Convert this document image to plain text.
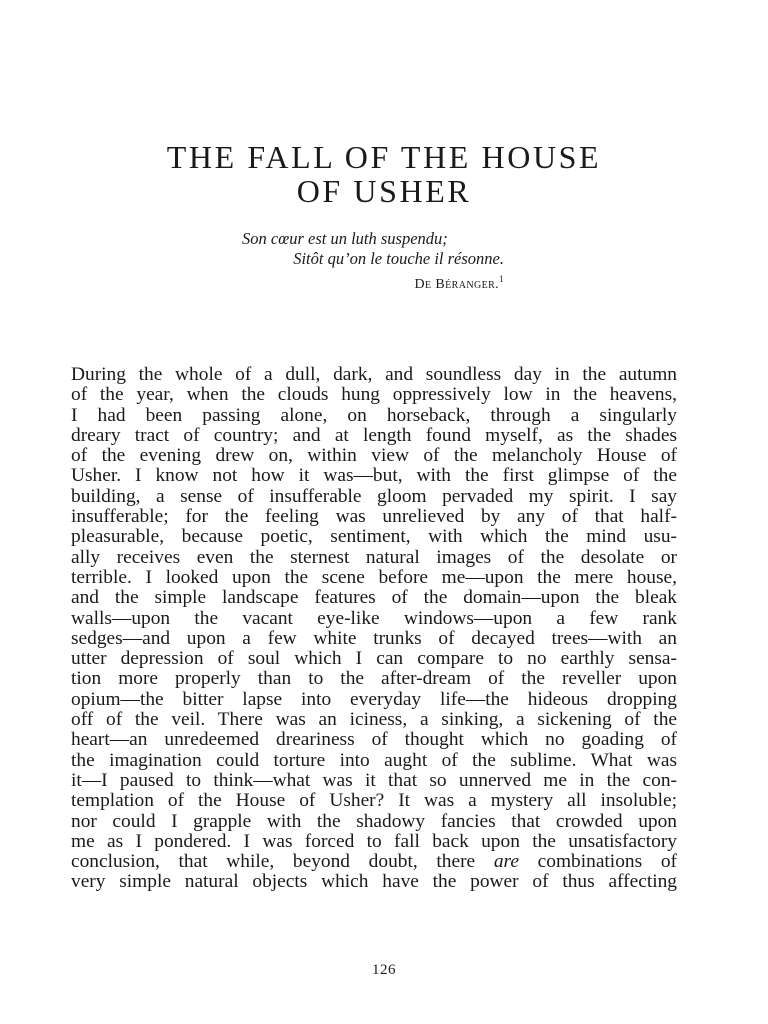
THE FALL OF THE HOUSE
OF USHER
Son cœur est un luth suspendu;
Sitôt qu’on le touche il résonne.
De Béranger.$^1$
During the whole of a dull, dark, and soundless day in the autumn
of the year, when the clouds hung oppressively low in the heavens,
I had been passing alone, on horseback, through a singularly
dreary tract of country; and at length found myself, as the shades
of the evening drew on, within view of the melancholy House of
Usher. I know not how it was—but, with the first glimpse of the
building, a sense of insufferable gloom pervaded my spirit. I say
insufferable; for the feeling was unrelieved by any of that half-
pleasurable, because poetic, sentiment, with which the mind usu-
ally receives even the sternest natural images of the desolate or
terrible. I looked upon the scene before me—upon the mere house,
and the simple landscape features of the domain—upon the bleak
walls—upon the vacant eye-like windows—upon a few rank
sedges—and upon a few white trunks of decayed trees—with an
utter depression of soul which I can compare to no earthly sensa-
tion more properly than to the after-dream of the reveller upon
opium—the bitter lapse into everyday life—the hideous dropping
off of the veil. There was an iciness, a sinking, a sickening of the
heart—an unredeemed dreariness of thought which no goading of
the imagination could torture into aught of the sublime. What was
it—I paused to think—what was it that so unnerved me in the con-
templation of the House of Usher? It was a mystery all insoluble;
nor could I grapple with the shadowy fancies that crowded upon
me as I pondered. I was forced to fall back upon the unsatisfactory
conclusion, that while, beyond doubt, there are combinations of
very simple natural objects which have the power of thus affecting
126
